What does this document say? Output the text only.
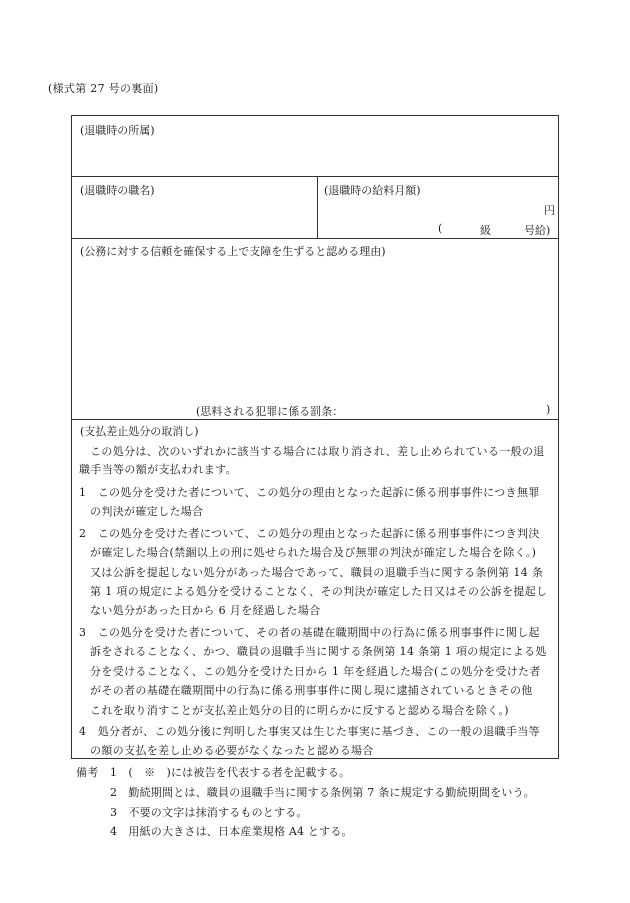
(様式第 27 号の裏面)
(退職時の所属)
(退職時の職名)	(退職時の給料月額)
円
(	級	号給)
(公務に対する信頼を確保する上で支障を生ずると認める理由)
(思料される犯罪に係る罰条：	)
(支払差止処分の取消し)
この処分は、次のいずれかに該当する場合には取り消され、差し止められている一般の退
職手当等の額が支払われます。
1　この処分を受けた者について、この処分の理由となった起訴に係る刑事事件につき無罪
の判決が確定した場合
2　この処分を受けた者について、この処分の理由となった起訴に係る刑事事件につき判決
が確定した場合(禁錮以上の刑に処せられた場合及び無罪の判決が確定した場合を除く。)
又は公訴を提起しない処分があった場合であって、職員の退職手当に関する条例第 14 条
第 1 項の規定による処分を受けることなく、その判決が確定した日又はその公訴を提起し
ない処分があった日から 6 月を経過した場合
3　この処分を受けた者について、その者の基礎在職期間中の行為に係る刑事事件に関し起
訴をされることなく、かつ、職員の退職手当に関する条例第 14 条第 1 項の規定による処
分を受けることなく、この処分を受けた日から 1 年を経過した場合(この処分を受けた者
がその者の基礎在職期間中の行為に係る刑事事件に関し現に逮捕されているときその他
これを取り消すことが支払差止処分の目的に明らかに反すると認める場合を除く。)
4　処分者が、この処分後に判明した事実又は生じた事実に基づき、この一般の退職手当等
の額の支払を差し止める必要がなくなったと認める場合
備考 1　(　※　)には被告を代表する者を記載する。
2　勤続期間とは、職員の退職手当に関する条例第 7 条に規定する勤続期間をいう。
3　不要の文字は抹消するものとする。
4　用紙の大きさは、日本産業規格 A4 とする。
